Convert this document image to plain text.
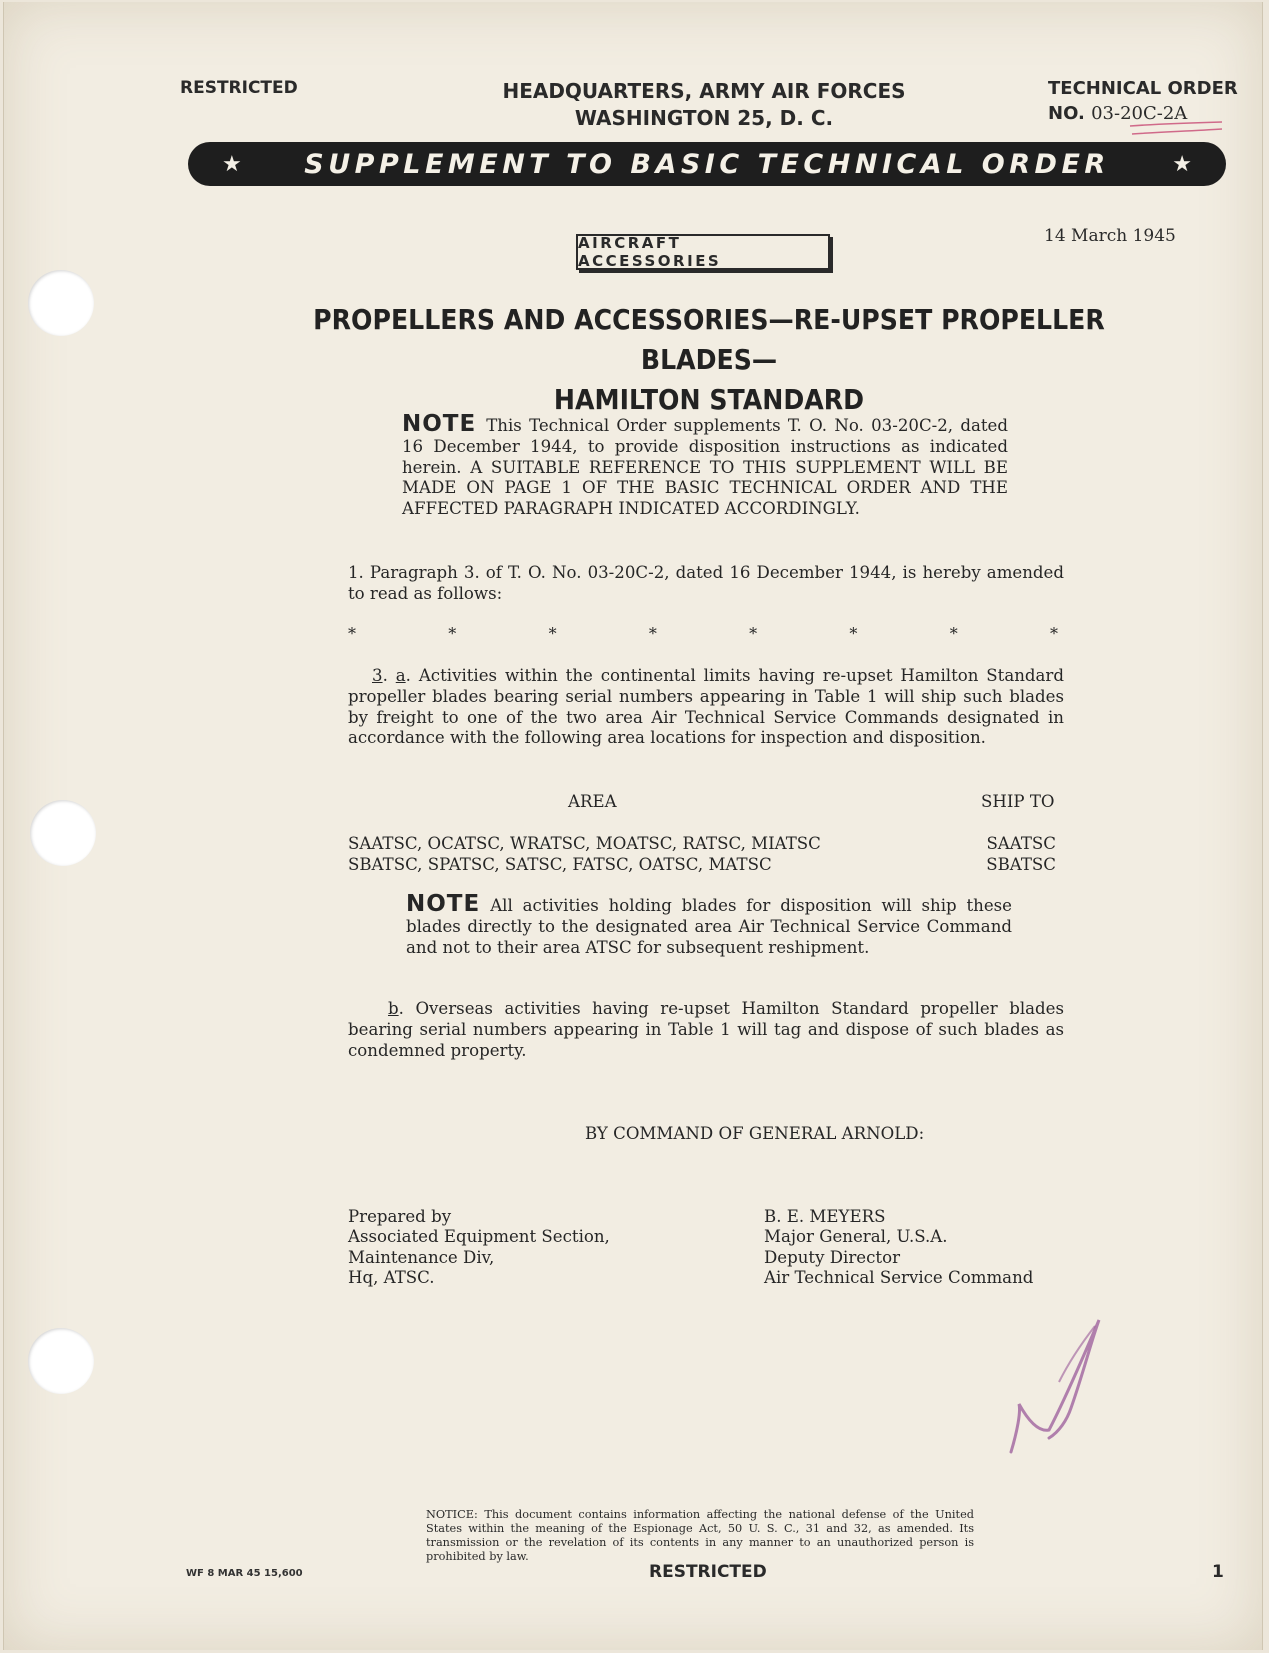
RESTRICTED	HEADQUARTERS, ARMY AIR FORCES
WASHINGTON 25, D. C.
TECHNICAL ORDER
NO. 03-20C-2A
★ SUPPLEMENT TO BASIC TECHNICAL ORDER	★
AIRCRAFT ACCESSORIES
14 March 1945
PROPELLERS AND ACCESSORIES—RE-UPSET PROPELLER BLADES—
HAMILTON STANDARD
NOTE This Technical Order supplements T. O. No. 03-20C-2, dated 16 December 1944, to provide disposition instructions as indicated herein. A SUITABLE REFERENCE TO THIS SUPPLEMENT WILL BE MADE ON PAGE 1 OF THE BASIC TECHNICAL ORDER AND THE AFFECTED PARAGRAPH INDICATED ACCORDINGLY.
1. Paragraph 3. of T. O. No. 03-20C-2, dated 16 December 1944, is hereby amended to read as follows:
*	*	*	*	*	*	*	*
3. a. Activities within the continental limits having re-upset Hamilton Standard propeller blades bearing serial numbers appearing in Table 1 will ship such blades by freight to one of the two area Air Technical Service Commands designated in accordance with the following area locations for inspection and disposition.
AREA	SHIP TO
SAATSC, OCATSC, WRATSC, MOATSC, RATSC, MIATSC	SAATSC
SBATSC, SPATSC, SATSC, FATSC, OATSC, MATSC	SBATSC
NOTE All activities holding blades for disposition will ship these blades directly to the designated area Air Technical Service Command and not to their area ATSC for subsequent reshipment.
b. Overseas activities having re-upset Hamilton Standard propeller blades bearing serial numbers appearing in Table 1 will tag and dispose of such blades as condemned property.
BY COMMAND OF GENERAL ARNOLD:
Prepared by
Associated Equipment Section,
Maintenance Div,
Hq, ATSC.
B. E. MEYERS
Major General, U.S.A.
Deputy Director
Air Technical Service Command
NOTICE: This document contains information affecting the national defense of the United States within the meaning of the Espionage Act, 50 U. S. C., 31 and 32, as amended. Its transmission or the revelation of its contents in any manner to an unauthorized person is prohibited by law.
WF 8 MAR 45 15,600	RESTRICTED	1
